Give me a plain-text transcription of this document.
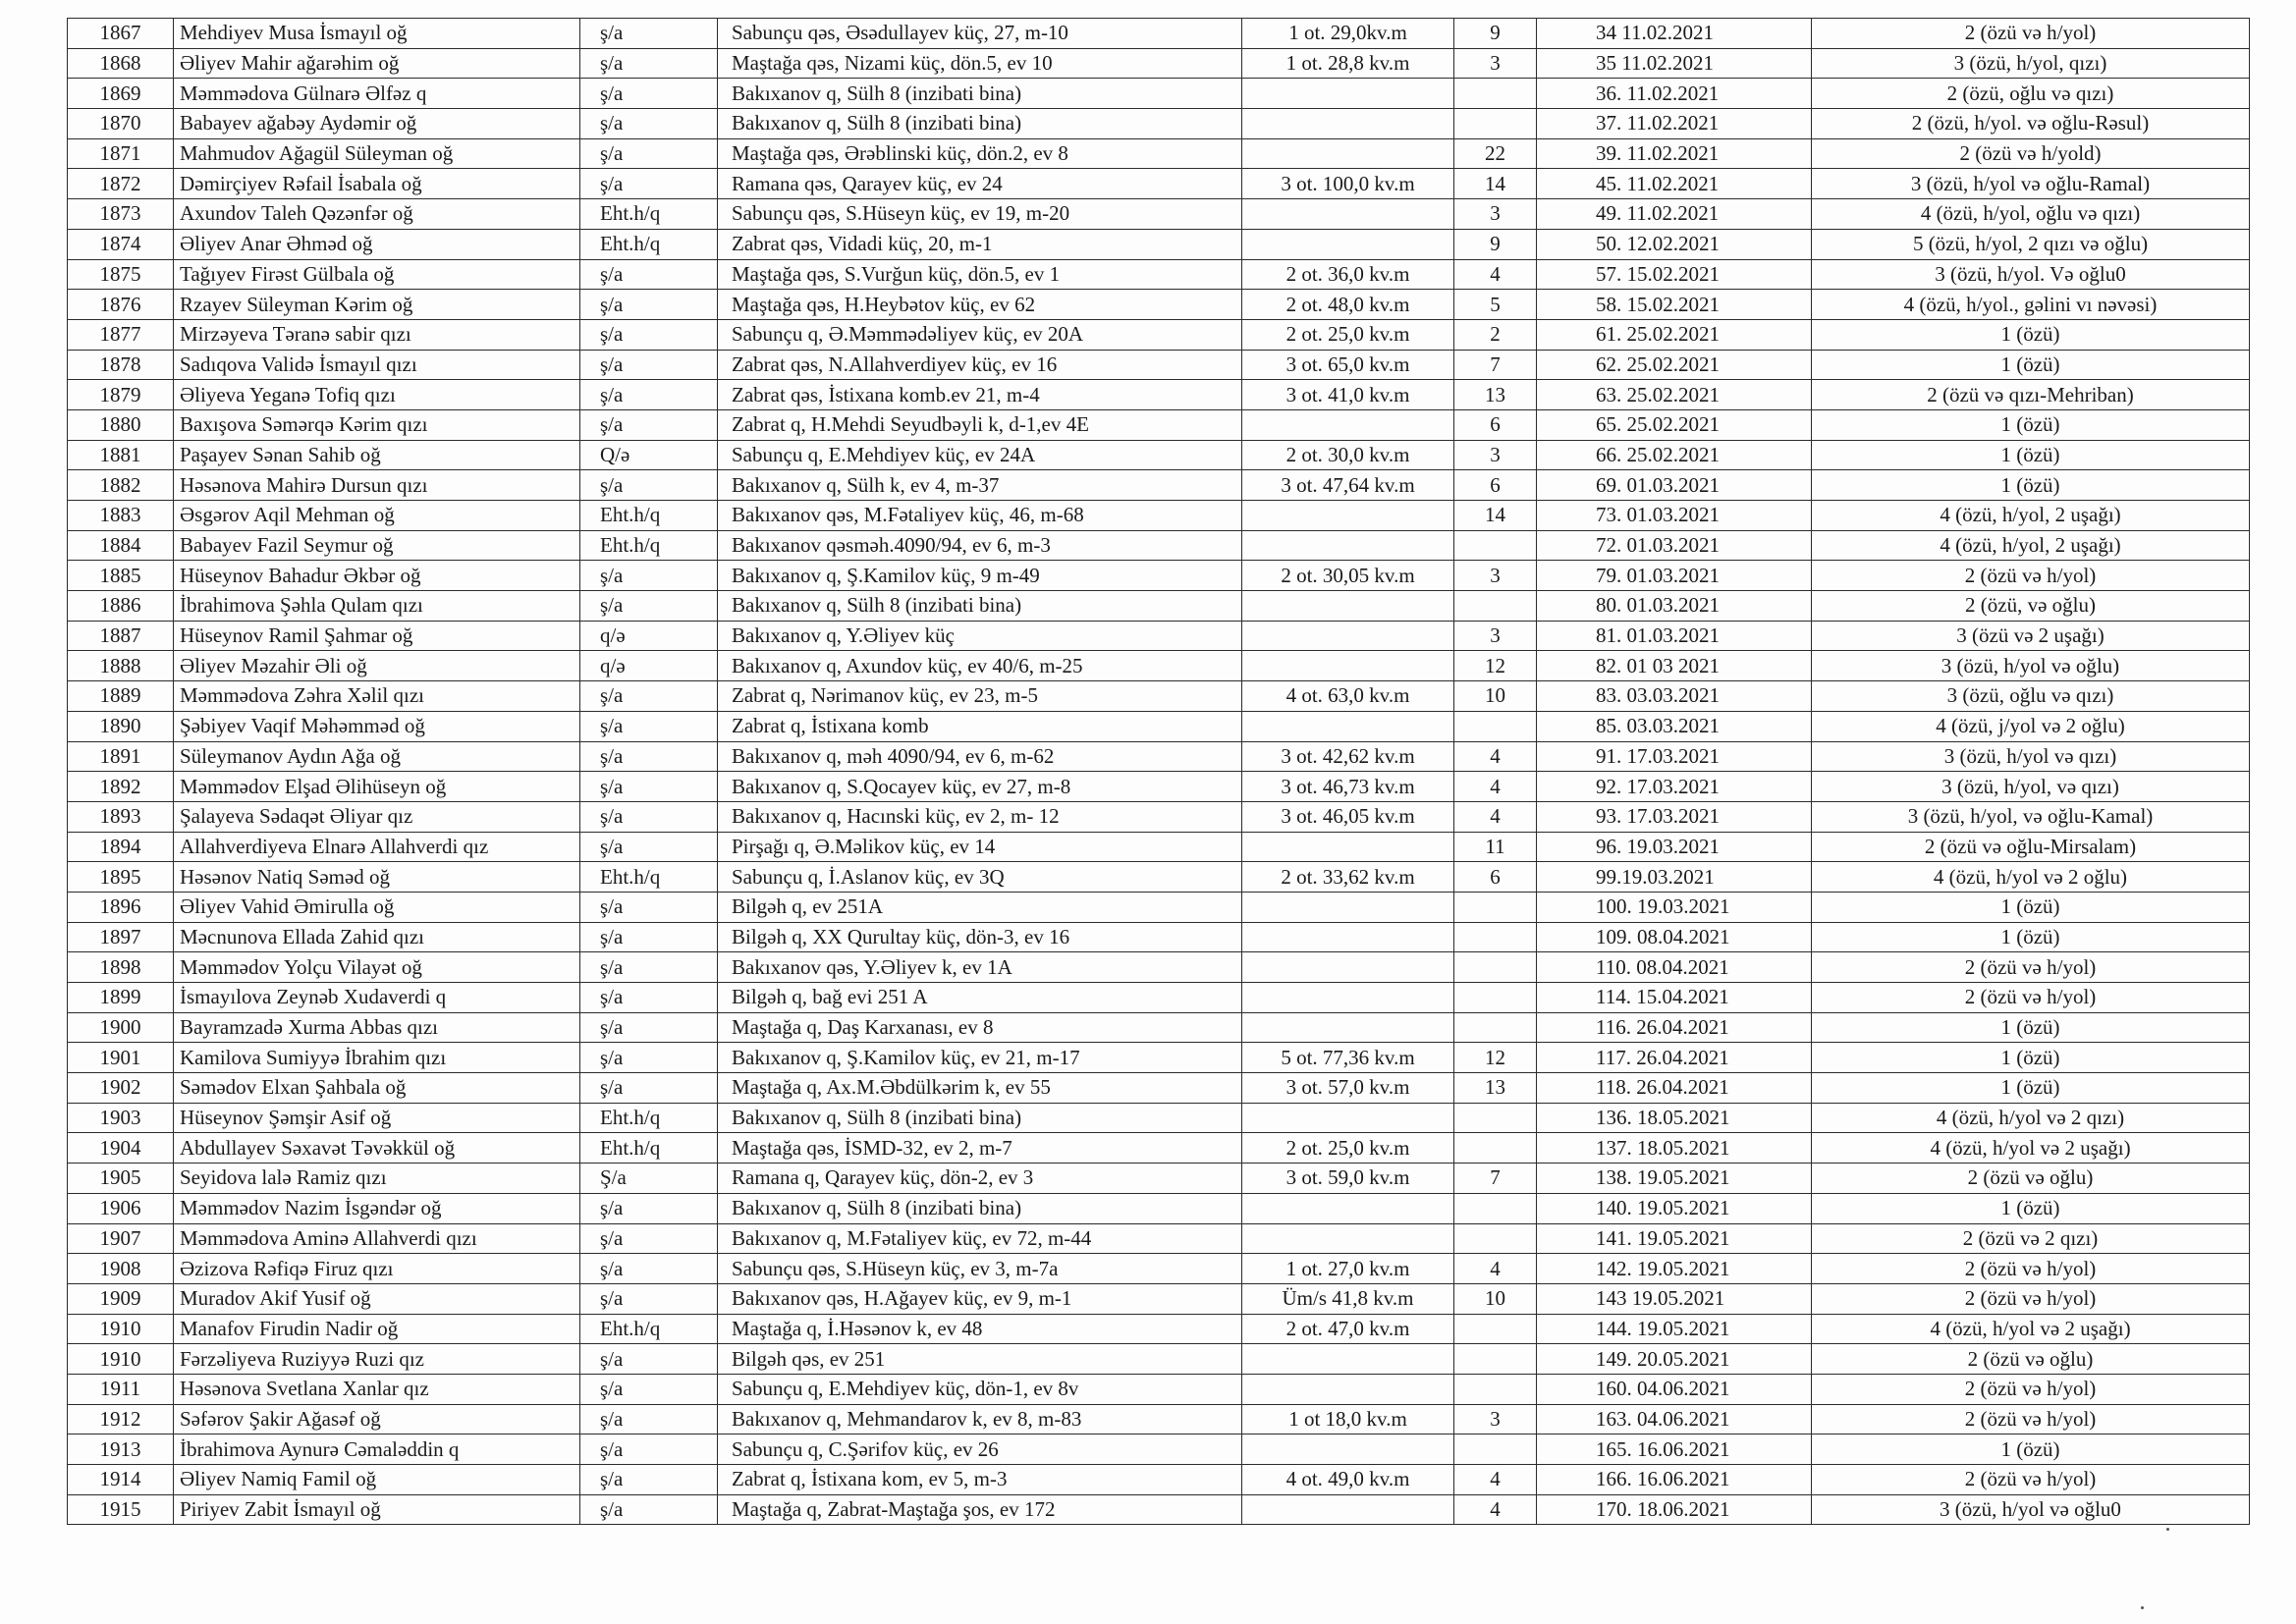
1867	Mehdiyev Musa İsmayıl oğ	ş/a	Sabunçu qəs, Əsədullayev küç, 27, m-10	1 ot. 29,0kv.m	9	34 11.02.2021	2 (özü və h/yol)
1868	Əliyev Mahir ağarəhim oğ	ş/a	Maştağa qəs, Nizami küç, dön.5, ev 10	1 ot. 28,8 kv.m	3	35 11.02.2021	3 (özü, h/yol, qızı)
1869	Məmmədova Gülnarə Əlfəz q	ş/a	Bakıxanov q, Sülh 8 (inzibati bina)			36. 11.02.2021	2 (özü, oğlu və qızı)
1870	Babayev ağabəy Aydəmir oğ	ş/a	Bakıxanov q, Sülh 8 (inzibati bina)			37. 11.02.2021	2 (özü, h/yol. və oğlu-Rəsul)
1871	Mahmudov Ağagül Süleyman oğ	ş/a	Maştağa qəs, Ərəblinski küç, dön.2, ev 8		22	39. 11.02.2021	2 (özü və h/yold)
1872	Dəmirçiyev Rəfail İsabala oğ	ş/a	Ramana qəs, Qarayev küç, ev 24	3 ot. 100,0 kv.m	14	45. 11.02.2021	3 (özü, h/yol və oğlu-Ramal)
1873	Axundov Taleh Qəzənfər oğ	Eht.h/q	Sabunçu qəs, S.Hüseyn küç, ev 19, m-20		3	49. 11.02.2021	4 (özü, h/yol, oğlu və qızı)
1874	Əliyev Anar Əhməd oğ	Eht.h/q	Zabrat qəs, Vidadi küç, 20, m-1		9	50. 12.02.2021	5 (özü, h/yol, 2 qızı və oğlu)
1875	Tağıyev Firəst Gülbala oğ	ş/a	Maştağa qəs, S.Vurğun küç, dön.5, ev 1	2 ot. 36,0 kv.m	4	57. 15.02.2021	3 (özü, h/yol. Və oğlu0
1876	Rzayev Süleyman Kərim oğ	ş/a	Maştağa qəs, H.Heybətov küç, ev 62	2 ot. 48,0 kv.m	5	58. 15.02.2021	4 (özü, h/yol., gəlini vı nəvəsi)
1877	Mirzəyeva Təranə sabir qızı	ş/a	Sabunçu q, Ə.Məmmədəliyev küç, ev 20A	2 ot. 25,0 kv.m	2	61. 25.02.2021	1 (özü)
1878	Sadıqova Validə İsmayıl qızı	ş/a	Zabrat qəs, N.Allahverdiyev küç, ev 16	3 ot. 65,0 kv.m	7	62. 25.02.2021	1 (özü)
1879	Əliyeva Yeganə Tofiq qızı	ş/a	Zabrat qəs, İstixana komb.ev 21, m-4	3 ot. 41,0 kv.m	13	63. 25.02.2021	2 (özü və qızı-Mehriban)
1880	Baxışova Səmərqə Kərim qızı	ş/a	Zabrat q, H.Mehdi Seyudbəyli k, d-1,ev 4E		6	65. 25.02.2021	1 (özü)
1881	Paşayev Sənan Sahib oğ	Q/ə	Sabunçu q, E.Mehdiyev küç, ev 24A	2 ot. 30,0 kv.m	3	66. 25.02.2021	1 (özü)
1882	Həsənova Mahirə Dursun qızı	ş/a	Bakıxanov q, Sülh k, ev 4, m-37	3 ot. 47,64 kv.m	6	69. 01.03.2021	1 (özü)
1883	Əsgərov Aqil Mehman oğ	Eht.h/q	Bakıxanov qəs, M.Fətaliyev küç, 46, m-68		14	73. 01.03.2021	4 (özü, h/yol, 2 uşağı)
1884	Babayev Fazil Seymur oğ	Eht.h/q	Bakıxanov qəsməh.4090/94, ev 6, m-3			72. 01.03.2021	4 (özü, h/yol, 2 uşağı)
1885	Hüseynov Bahadur Əkbər oğ	ş/a	Bakıxanov q, Ş.Kamilov küç, 9 m-49	2 ot. 30,05 kv.m	3	79. 01.03.2021	2 (özü və h/yol)
1886	İbrahimova Şəhla Qulam qızı	ş/a	Bakıxanov q, Sülh 8 (inzibati bina)			80. 01.03.2021	2 (özü, və oğlu)
1887	Hüseynov Ramil Şahmar oğ	q/ə	Bakıxanov q, Y.Əliyev küç		3	81. 01.03.2021	3 (özü və 2 uşağı)
1888	Əliyev Məzahir Əli oğ	q/ə	Bakıxanov q, Axundov küç, ev 40/6, m-25		12	82. 01 03 2021	3 (özü, h/yol və oğlu)
1889	Məmmədova Zəhra Xəlil qızı	ş/a	Zabrat q, Nərimanov küç, ev 23, m-5	4 ot. 63,0 kv.m	10	83. 03.03.2021	3 (özü, oğlu və qızı)
1890	Şəbiyev Vaqif Məhəmməd oğ	ş/a	Zabrat q, İstixana komb			85. 03.03.2021	4 (özü, j/yol və 2 oğlu)
1891	Süleymanov Aydın Ağa oğ	ş/a	Bakıxanov q, məh 4090/94, ev 6, m-62	3 ot. 42,62 kv.m	4	91. 17.03.2021	3 (özü, h/yol və qızı)
1892	Məmmədov Elşad Əlihüseyn oğ	ş/a	Bakıxanov q, S.Qocayev küç, ev 27, m-8	3 ot. 46,73 kv.m	4	92. 17.03.2021	3 (özü, h/yol, və qızı)
1893	Şalayeva Sədaqət Əliyar qız	ş/a	Bakıxanov q, Hacınski küç, ev 2, m- 12	3 ot. 46,05 kv.m	4	93. 17.03.2021	3 (özü, h/yol, və oğlu-Kamal)
1894	Allahverdiyeva Elnarə Allahverdi qız	ş/a	Pirşağı q, Ə.Məlikov küç, ev 14		11	96. 19.03.2021	2 (özü və oğlu-Mirsalam)
1895	Həsənov Natiq Səməd oğ	Eht.h/q	Sabunçu q, İ.Aslanov küç, ev 3Q	2 ot. 33,62 kv.m	6	99.19.03.2021	4 (özü, h/yol və 2 oğlu)
1896	Əliyev Vahid Əmirulla oğ	ş/a	Bilgəh q, ev 251A			100. 19.03.2021	1 (özü)
1897	Məcnunova Ellada Zahid qızı	ş/a	Bilgəh q, XX Qurultay küç, dön-3, ev 16			109. 08.04.2021	1 (özü)
1898	Məmmədov Yolçu Vilayət oğ	ş/a	Bakıxanov qəs, Y.Əliyev k, ev 1A			110. 08.04.2021	2 (özü və h/yol)
1899	İsmayılova Zeynəb Xudaverdi q	ş/a	Bilgəh q, bağ evi 251 A			114. 15.04.2021	2 (özü və h/yol)
1900	Bayramzadə Xurma Abbas qızı	ş/a	Maştağa q, Daş Karxanası, ev 8			116. 26.04.2021	1 (özü)
1901	Kamilova Sumiyyə İbrahim qızı	ş/a	Bakıxanov q, Ş.Kamilov küç, ev 21, m-17	5 ot. 77,36 kv.m	12	117. 26.04.2021	1 (özü)
1902	Səmədov Elxan Şahbala oğ	ş/a	Maştağa q, Ax.M.Əbdülkərim k, ev 55	3 ot. 57,0 kv.m	13	118. 26.04.2021	1 (özü)
1903	Hüseynov Şəmşir Asif oğ	Eht.h/q	Bakıxanov q, Sülh 8 (inzibati bina)			136. 18.05.2021	4 (özü, h/yol və 2 qızı)
1904	Abdullayev Səxavət Təvəkkül oğ	Eht.h/q	Maştağa qəs, İSMD-32, ev 2, m-7	2 ot. 25,0 kv.m		137. 18.05.2021	4 (özü, h/yol və 2 uşağı)
1905	Seyidova lalə Ramiz qızı	Ş/a	Ramana q, Qarayev küç, dön-2, ev 3	3 ot. 59,0 kv.m	7	138. 19.05.2021	2 (özü və oğlu)
1906	Məmmədov Nazim İsgəndər oğ	ş/a	Bakıxanov q, Sülh 8 (inzibati bina)			140. 19.05.2021	1 (özü)
1907	Məmmədova Aminə Allahverdi qızı	ş/a	Bakıxanov q, M.Fətaliyev küç, ev 72, m-44			141. 19.05.2021	2 (özü və 2 qızı)
1908	Əzizova Rəfiqə Firuz qızı	ş/a	Sabunçu qəs, S.Hüseyn küç, ev 3, m-7a	1 ot. 27,0 kv.m	4	142. 19.05.2021	2 (özü və h/yol)
1909	Muradov Akif Yusif oğ	ş/a	Bakıxanov qəs, H.Ağayev küç, ev 9, m-1	Üm/s 41,8 kv.m	10	143 19.05.2021	2 (özü və h/yol)
1910	Manafov Firudin Nadir oğ	Eht.h/q	Maştağa q, İ.Həsənov k, ev 48	2 ot. 47,0 kv.m		144. 19.05.2021	4 (özü, h/yol və 2 uşağı)
1910	Fərzəliyeva Ruziyyə Ruzi qız	ş/a	Bilgəh qəs, ev 251			149. 20.05.2021	2 (özü və oğlu)
1911	Həsənova Svetlana Xanlar qız	ş/a	Sabunçu q, E.Mehdiyev küç, dön-1, ev 8v			160. 04.06.2021	2 (özü və h/yol)
1912	Səfərov Şakir Ağasəf oğ	ş/a	Bakıxanov q, Mehmandarov k, ev 8, m-83	1 ot 18,0 kv.m	3	163. 04.06.2021	2 (özü və h/yol)
1913	İbrahimova Aynurə Cəmaləddin q	ş/a	Sabunçu q, C.Şərifov küç, ev 26			165. 16.06.2021	1 (özü)
1914	Əliyev Namiq Famil oğ	ş/a	Zabrat q, İstixana kom, ev 5, m-3	4 ot. 49,0 kv.m	4	166. 16.06.2021	2 (özü və h/yol)
1915	Piriyev Zabit İsmayıl oğ	ş/a	Maştağa q, Zabrat-Maştağa şos, ev 172		4	170. 18.06.2021	3 (özü, h/yol və oğlu0
